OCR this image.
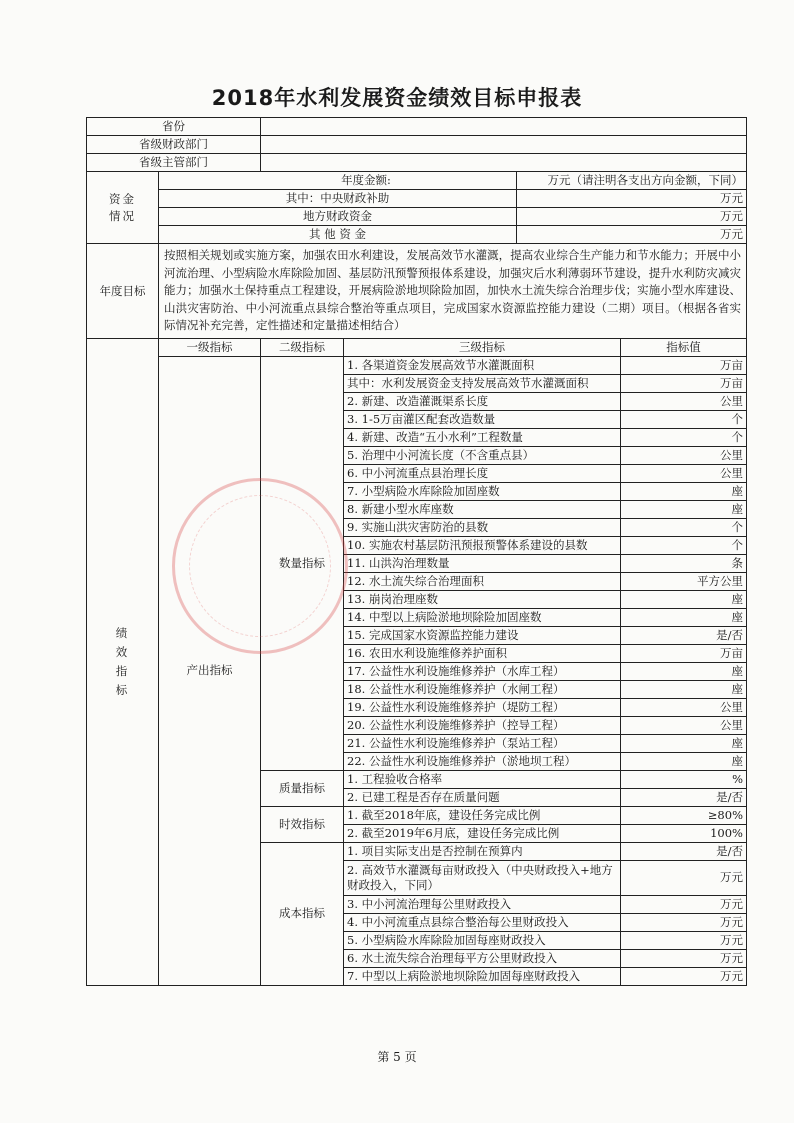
2018年水利发展资金绩效目标申报表
省份					
省级财政部门					
省级主管部门					
资金
情况	年度金额:			万元（请注明各支出方向金额，下同）	
	其中：中央财政补助			万元	
	地方财政资金			万元	
	其 他 资 金			万元	
年度目标	按照相关规划或实施方案，加强农田水利建设，发展高效节水灌溉，提高农业综合生产能力和节水能力；开展中小河流治理、小型病险水库除险加固、基层防汛预警预报体系建设，加强灾后水利薄弱环节建设，提升水利防灾减灾能力；加强水土保持重点工程建设，开展病险淤地坝除险加固，加快水土流失综合治理步伐；实施小型水库建设、山洪灾害防治、中小河流重点县综合整治等重点项目，完成国家水资源监控能力建设（二期）项目。（根据各省实际情况补充完善，定性描述和定量描述相结合）				
绩
效
指
标	一级指标	二级指标	三级指标		指标值
	产出指标	数量指标	1. 各渠道资金发展高效节水灌溉面积		万亩
			其中：水利发展资金支持发展高效节水灌溉面积		万亩
			2. 新建、改造灌溉渠系长度		公里
			3. 1-5万亩灌区配套改造数量		个
			4. 新建、改造“五小水利”工程数量		个
			5. 治理中小河流长度（不含重点县）		公里
			6. 中小河流重点县治理长度		公里
			7. 小型病险水库除险加固座数		座
			8. 新建小型水库座数		座
			9. 实施山洪灾害防治的县数		个
			10. 实施农村基层防汛预报预警体系建设的县数		个
			11. 山洪沟治理数量		条
			12. 水土流失综合治理面积		平方公里
			13. 崩岗治理座数		座
			14. 中型以上病险淤地坝除险加固座数		座
			15. 完成国家水资源监控能力建设		是/否
			16. 农田水利设施维修养护面积		万亩
			17. 公益性水利设施维修养护（水库工程）		座
			18. 公益性水利设施维修养护（水闸工程）		座
			19. 公益性水利设施维修养护（堤防工程）		公里
			20. 公益性水利设施维修养护（控导工程）		公里
			21. 公益性水利设施维修养护（泵站工程）		座
			22. 公益性水利设施维修养护（淤地坝工程）		座
		质量指标	1. 工程验收合格率		%
			2. 已建工程是否存在质量问题		是/否
		时效指标	1. 截至2018年底，建设任务完成比例		≥80%
			2. 截至2019年6月底，建设任务完成比例		100%
		成本指标	1. 项目实际支出是否控制在预算内		是/否
			2. 高效节水灌溉每亩财政投入（中央财政投入+地方财政投入，下同）		万元
			3. 中小河流治理每公里财政投入		万元
			4. 中小河流重点县综合整治每公里财政投入		万元
			5. 小型病险水库除险加固每座财政投入		万元
			6. 水土流失综合治理每平方公里财政投入		万元
			7. 中型以上病险淤地坝除险加固每座财政投入		万元
第 5 页
